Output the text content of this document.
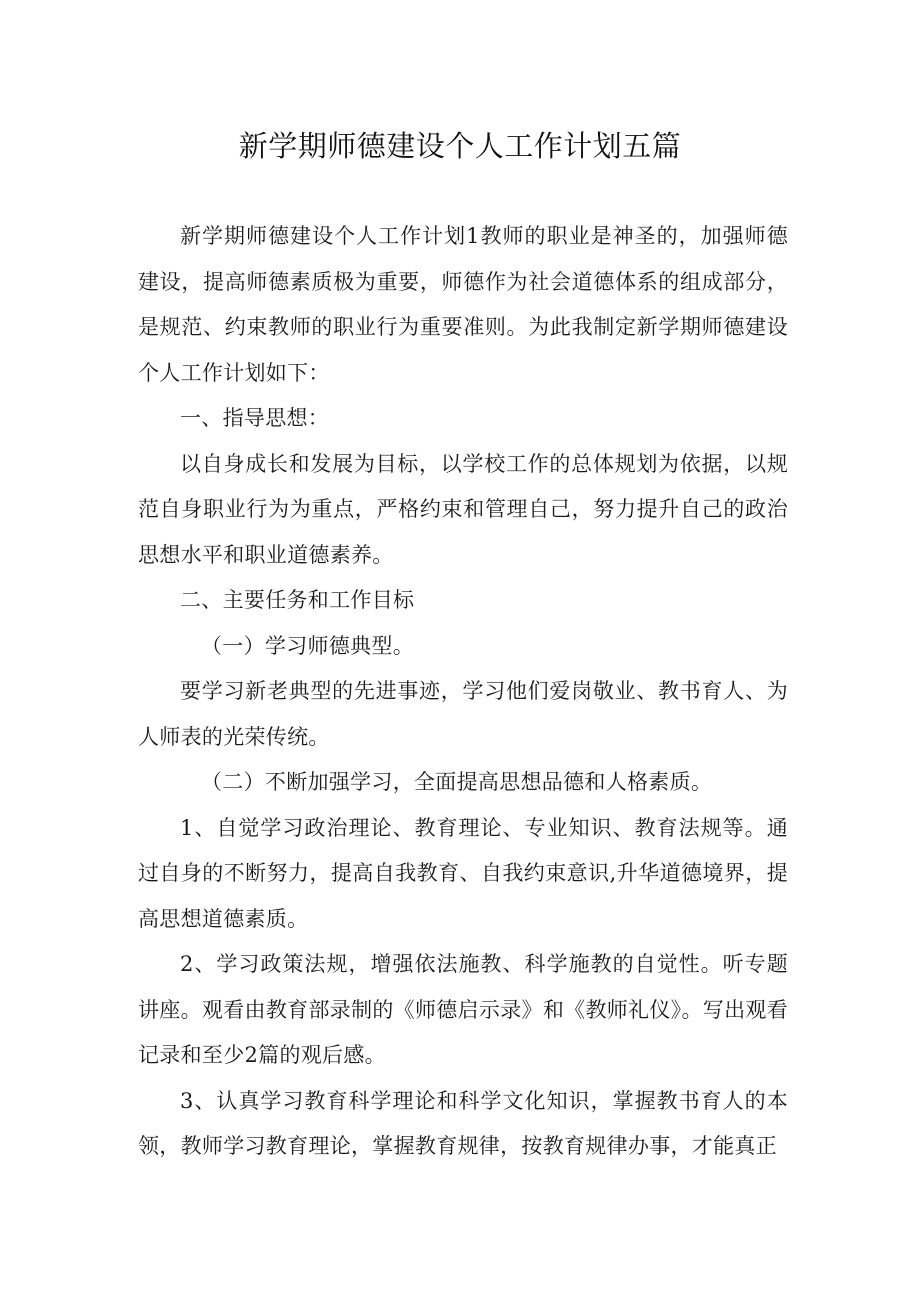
新学期师德建设个人工作计划五篇

新学期师德建设个人工作计划1教师的职业是神圣的，加强师德建设，提高师德素质极为重要，师德作为社会道德体系的组成部分，是规范、约束教师的职业行为重要准则。为此我制定新学期师德建设个人工作计划如下：

一、指导思想：

以自身成长和发展为目标，以学校工作的总体规划为依据，以规范自身职业行为为重点，严格约束和管理自己，努力提升自己的政治思想水平和职业道德素养。

二、主要任务和工作目标

（一）学习师德典型。

要学习新老典型的先进事迹，学习他们爱岗敬业、教书育人、为人师表的光荣传统。

（二）不断加强学习，全面提高思想品德和人格素质。

1、自觉学习政治理论、教育理论、专业知识、教育法规等。通过自身的不断努力，提高自我教育、自我约束意识,升华道德境界，提高思想道德素质。

2、学习政策法规，增强依法施教、科学施教的自觉性。听专题讲座。观看由教育部录制的《师德启示录》和《教师礼仪》。写出观看记录和至少2篇的观后感。

3、认真学习教育科学理论和科学文化知识，掌握教书育人的本领，教师学习教育理论，掌握教育规律，按教育规律办事，才能真正
